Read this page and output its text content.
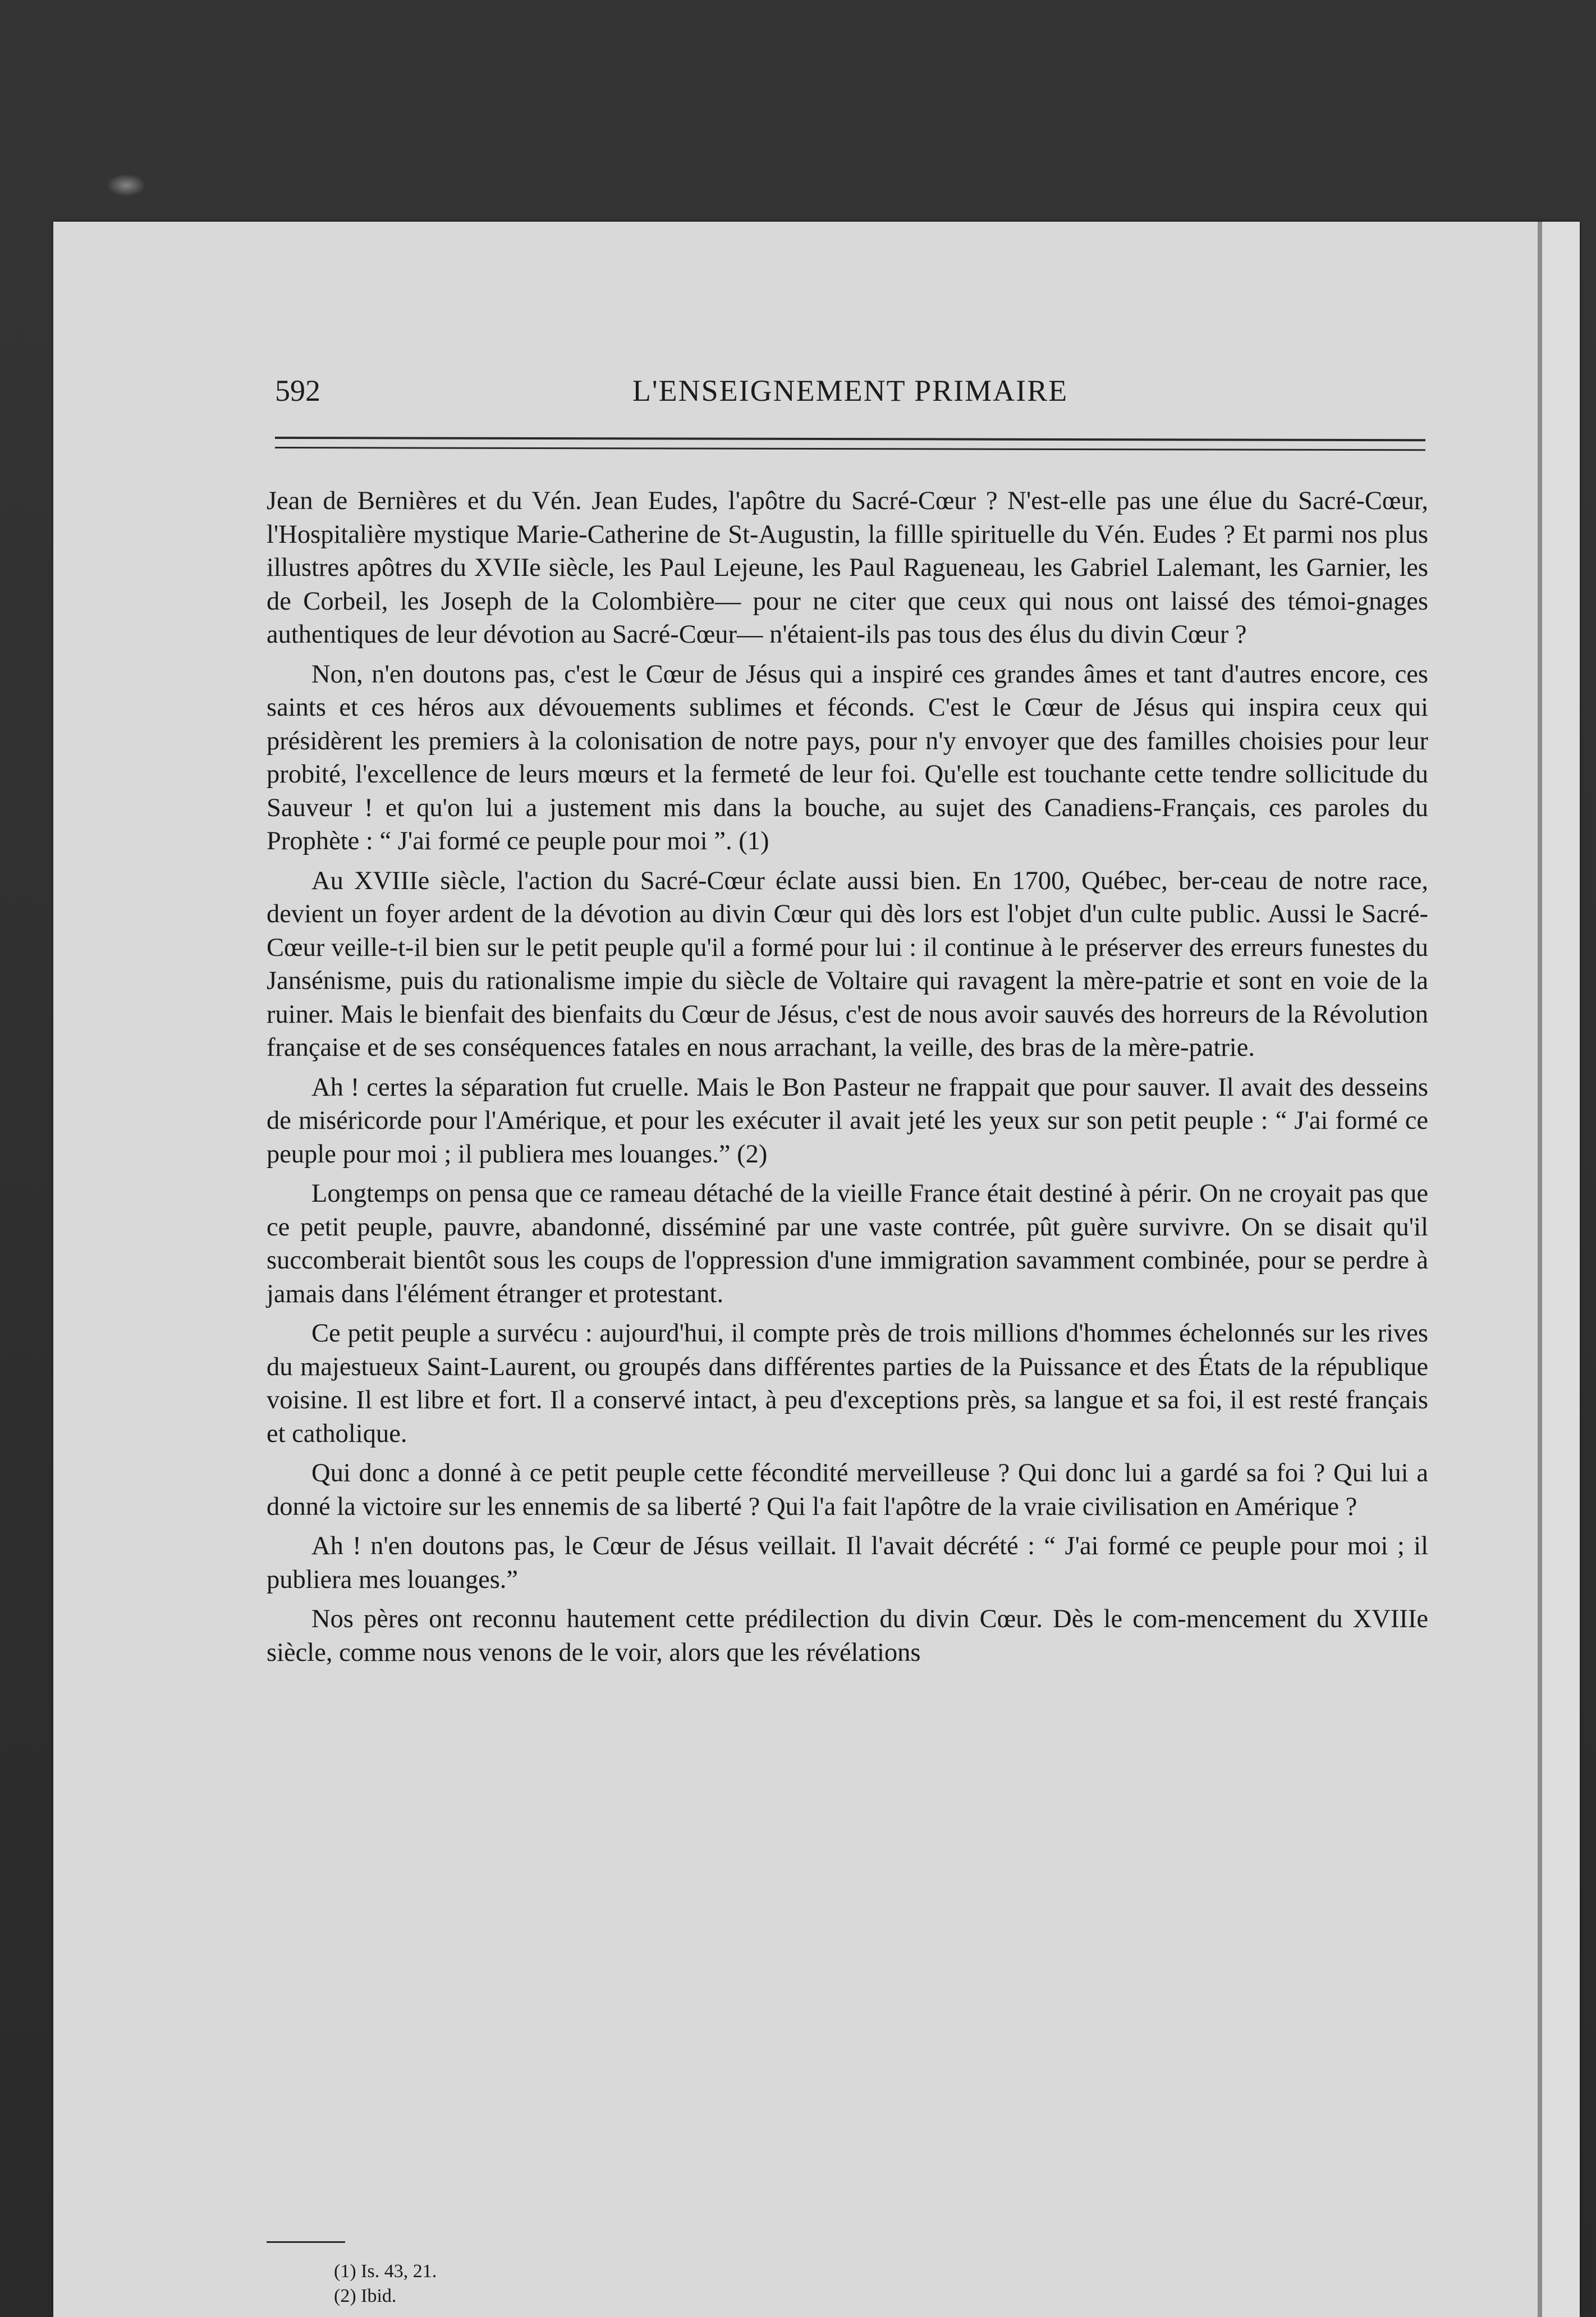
592	L'ENSEIGNEMENT PRIMAIRE

Jean de Bernières et du Vén. Jean Eudes, l'apôtre du Sacré-Cœur ? N'est-elle pas une élue du Sacré-Cœur, l'Hospitalière mystique Marie-Catherine de St-Augustin, la fillle spirituelle du Vén. Eudes ? Et parmi nos plus illustres apôtres du XVIIe siècle, les Paul Lejeune, les Paul Ragueneau, les Gabriel Lalemant, les Garnier, les de Corbeil, les Joseph de la Colombière— pour ne citer que ceux qui nous ont laissé des témoi-gnages authentiques de leur dévotion au Sacré-Cœur— n'étaient-ils pas tous des élus du divin Cœur ?

Non, n'en doutons pas, c'est le Cœur de Jésus qui a inspiré ces grandes âmes et tant d'autres encore, ces saints et ces héros aux dévouements sublimes et féconds. C'est le Cœur de Jésus qui inspira ceux qui présidèrent les premiers à la colonisation de notre pays, pour n'y envoyer que des familles choisies pour leur probité, l'excellence de leurs mœurs et la fermeté de leur foi. Qu'elle est touchante cette tendre sollicitude du Sauveur ! et qu'on lui a justement mis dans la bouche, au sujet des Canadiens-Français, ces paroles du Prophète : “ J'ai formé ce peuple pour moi ”. (1)

Au XVIIIe siècle, l'action du Sacré-Cœur éclate aussi bien. En 1700, Québec, ber-ceau de notre race, devient un foyer ardent de la dévotion au divin Cœur qui dès lors est l'objet d'un culte public. Aussi le Sacré-Cœur veille-t-il bien sur le petit peuple qu'il a formé pour lui : il continue à le préserver des erreurs funestes du Jansénisme, puis du rationalisme impie du siècle de Voltaire qui ravagent la mère-patrie et sont en voie de la ruiner. Mais le bienfait des bienfaits du Cœur de Jésus, c'est de nous avoir sauvés des horreurs de la Révolution française et de ses conséquences fatales en nous arrachant, la veille, des bras de la mère-patrie.

Ah ! certes la séparation fut cruelle. Mais le Bon Pasteur ne frappait que pour sauver. Il avait des desseins de miséricorde pour l'Amérique, et pour les exécuter il avait jeté les yeux sur son petit peuple : “ J'ai formé ce peuple pour moi ; il publiera mes louanges.” (2)

Longtemps on pensa que ce rameau détaché de la vieille France était destiné à périr. On ne croyait pas que ce petit peuple, pauvre, abandonné, disséminé par une vaste contrée, pût guère survivre. On se disait qu'il succomberait bientôt sous les coups de l'oppression d'une immigration savamment combinée, pour se perdre à jamais dans l'élément étranger et protestant.

Ce petit peuple a survécu : aujourd'hui, il compte près de trois millions d'hommes échelonnés sur les rives du majestueux Saint-Laurent, ou groupés dans différentes parties de la Puissance et des États de la république voisine. Il est libre et fort. Il a conservé intact, à peu d'exceptions près, sa langue et sa foi, il est resté français et catholique.

Qui donc a donné à ce petit peuple cette fécondité merveilleuse ? Qui donc lui a gardé sa foi ? Qui lui a donné la victoire sur les ennemis de sa liberté ? Qui l'a fait l'apôtre de la vraie civilisation en Amérique ?

Ah ! n'en doutons pas, le Cœur de Jésus veillait. Il l'avait décrété : “ J'ai formé ce peuple pour moi ; il publiera mes louanges.”

Nos pères ont reconnu hautement cette prédilection du divin Cœur. Dès le com-mencement du XVIIIe siècle, comme nous venons de le voir, alors que les révélations

(1) Is. 43, 21.
(2) Ibid.
